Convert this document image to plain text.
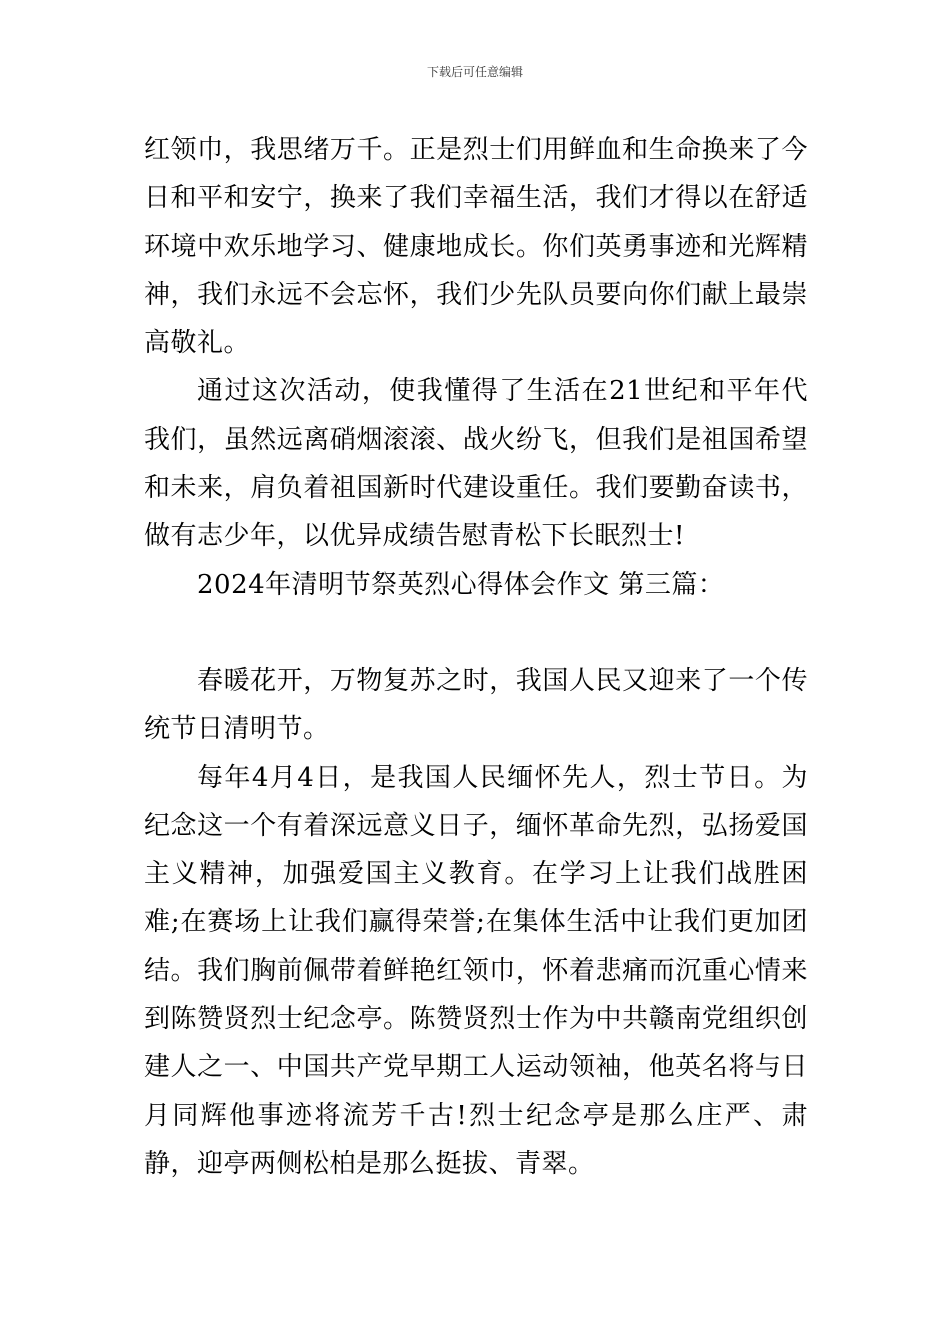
下载后可任意编辑

红领巾，我思绪万千。正是烈士们用鲜血和生命换来了今日和平和安宁，换来了我们幸福生活，我们才得以在舒适环境中欢乐地学习、健康地成长。你们英勇事迹和光辉精神，我们永远不会忘怀，我们少先队员要向你们献上最崇高敬礼。

通过这次活动，使我懂得了生活在21世纪和平年代我们，虽然远离硝烟滚滚、战火纷飞，但我们是祖国希望和未来，肩负着祖国新时代建设重任。我们要勤奋读书，做有志少年，以优异成绩告慰青松下长眠烈士!

2024年清明节祭英烈心得体会作文 第三篇：

春暖花开，万物复苏之时，我国人民又迎来了一个传统节日清明节。

每年4月4日，是我国人民缅怀先人，烈士节日。为纪念这一个有着深远意义日子，缅怀革命先烈，弘扬爱国主义精神，加强爱国主义教育。在学习上让我们战胜困难;在赛场上让我们赢得荣誉;在集体生活中让我们更加团结。我们胸前佩带着鲜艳红领巾，怀着悲痛而沉重心情来到陈赞贤烈士纪念亭。陈赞贤烈士作为中共赣南党组织创建人之一、中国共产党早期工人运动领袖，他英名将与日月同辉他事迹将流芳千古!烈士纪念亭是那么庄严、肃静，迎亭两侧松柏是那么挺拔、青翠。
